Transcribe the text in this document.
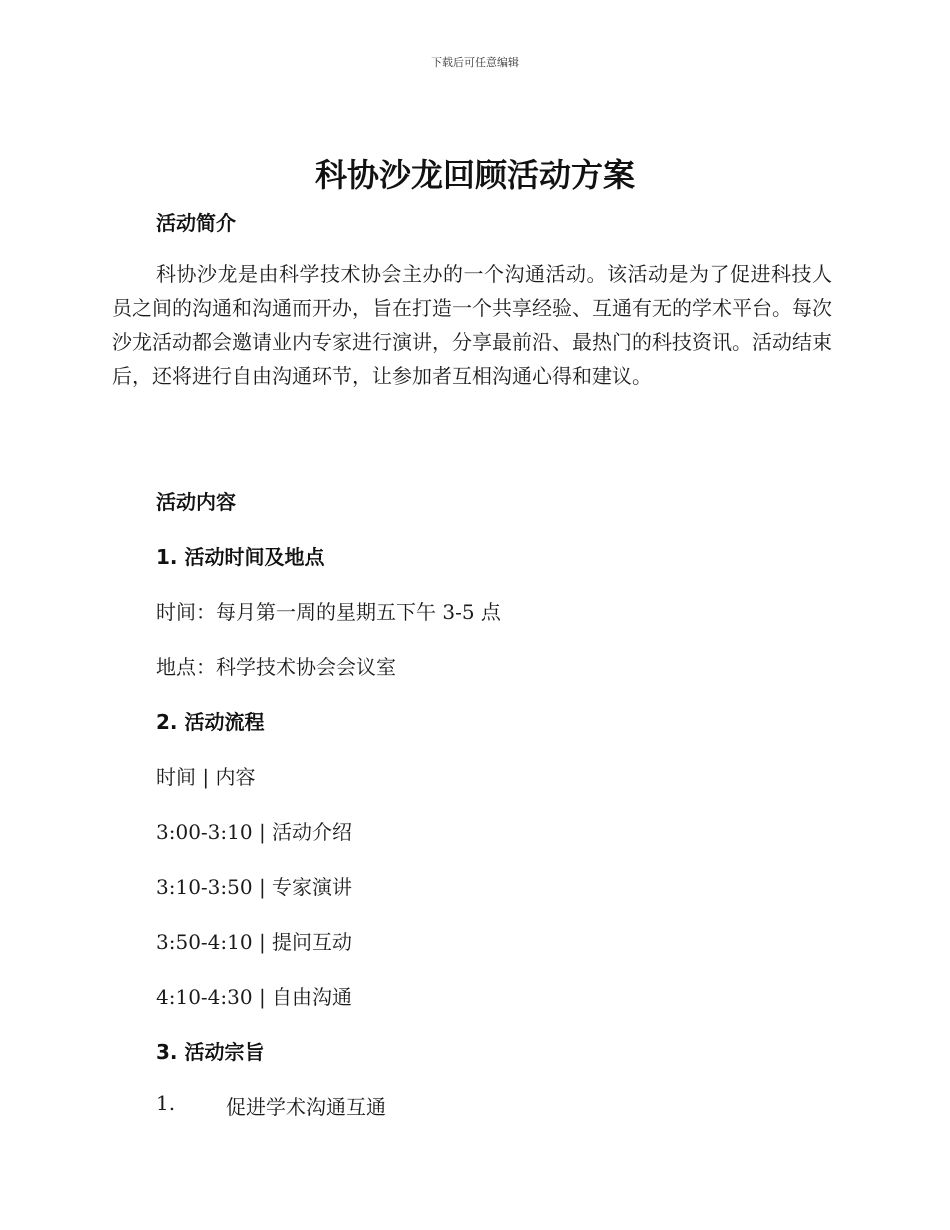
下载后可任意编辑
科协沙龙回顾活动方案
活动简介
科协沙龙是由科学技术协会主办的一个沟通活动。该活动是为了促进科技人员之间的沟通和沟通而开办，旨在打造一个共享经验、互通有无的学术平台。每次沙龙活动都会邀请业内专家进行演讲，分享最前沿、最热门的科技资讯。活动结束后，还将进行自由沟通环节，让参加者互相沟通心得和建议。
活动内容
1. 活动时间及地点
时间：每月第一周的星期五下午 3-5 点
地点：科学技术协会会议室
2. 活动流程
时间 | 内容
3:00-3:10 | 活动介绍
3:10-3:50 | 专家演讲
3:50-4:10 | 提问互动
4:10-4:30 | 自由沟通
3. 活动宗旨
1.	促进学术沟通互通
